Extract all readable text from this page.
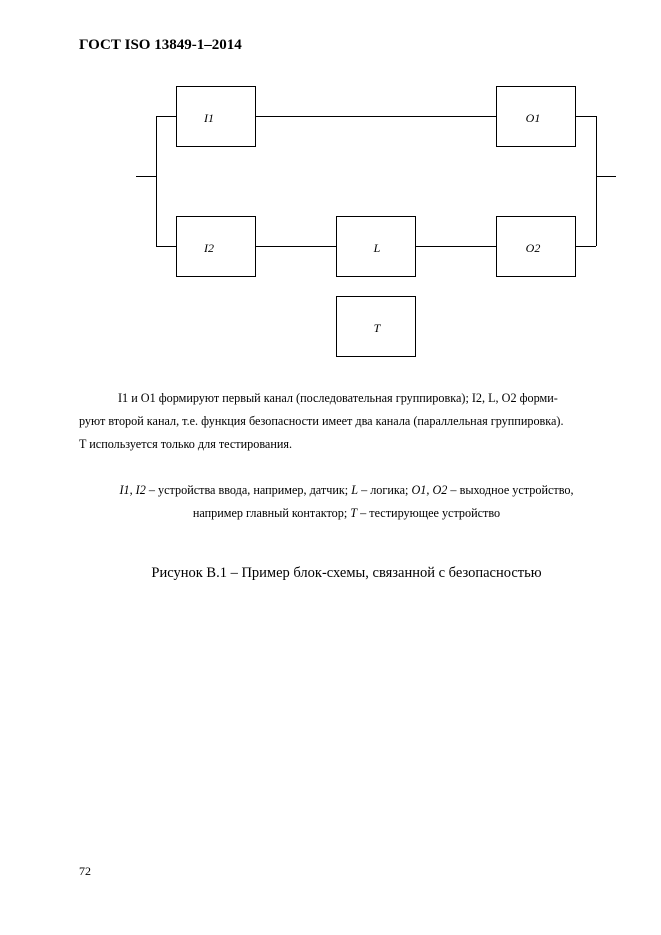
ГОСТ ISO 13849-1–2014
I1	O1
I2	L	O2
T
I1 и O1 формируют первый канал (последовательная группировка); I2, L, O2 форми-
руют второй канал, т.е. функция безопасности имеет два канала (параллельная группировка).
T используется только для тестирования.
I1, I2 – устройства ввода, например, датчик; L – логика; O1, O2 – выходное устройство,
например главный контактор; T – тестирующее устройство
Рисунок B.1 – Пример блок-схемы, связанной с безопасностью
72
